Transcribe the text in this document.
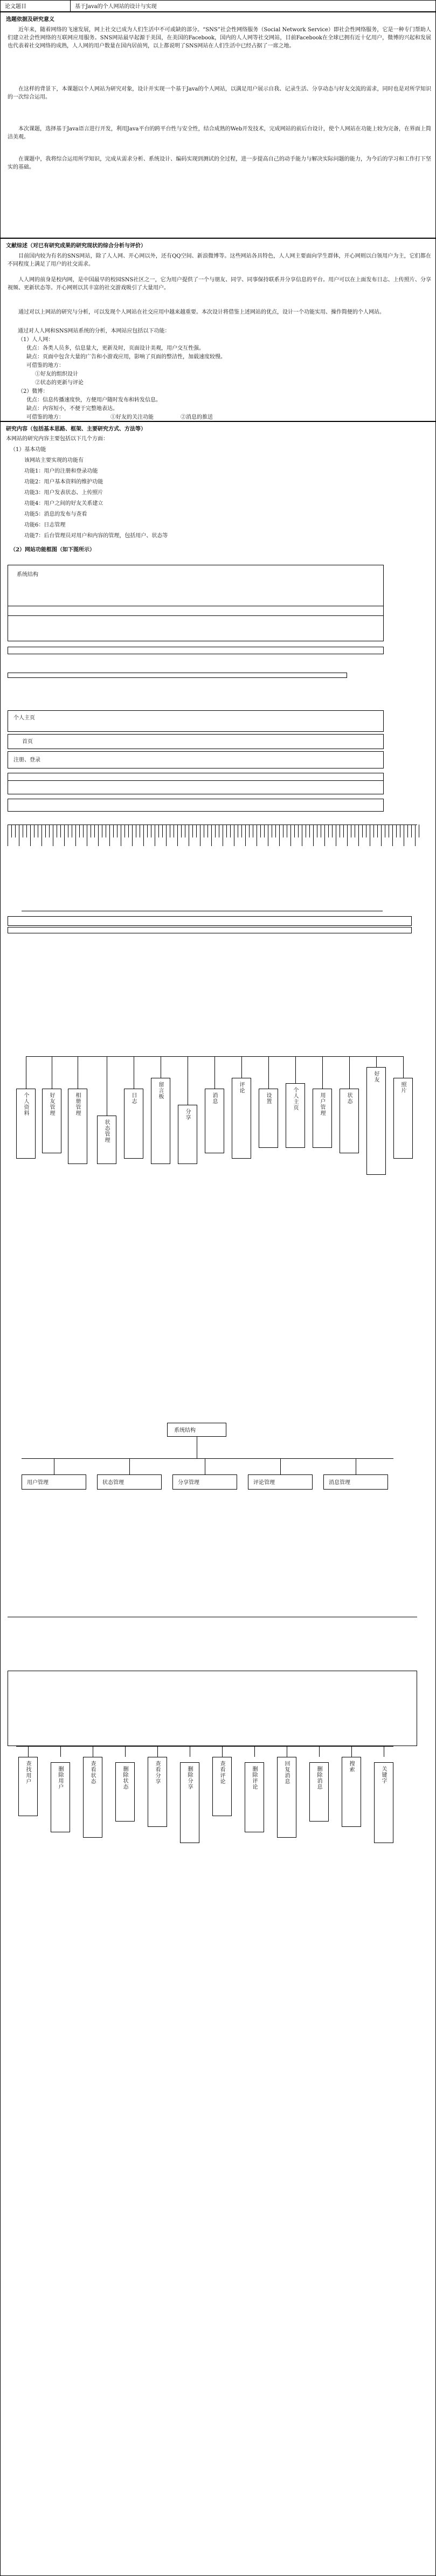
论文题目	基于Java的个人网站的设计与实现
选题依据及研究意义
近年来，随着网络的飞速发展，网上社交已成为人们生活中不可或缺的部分。“SNS”社会性网络服务（Social Network Service）即社会性网络服务，它是一种专门帮助人们建立社会性网络的互联网应用服务。SNS网站最早起源于美国，在美国的Facebook，国内的人人网等社交网站，目前Facebook在全球已拥有近十亿用户，微博的兴起和发展也代表着社交网络的成熟，人人网的用户数量在国内居前列，以上都说明了SNS网站在人们生活中已经占据了一席之地。
在这样的背景下，本课题以个人网站为研究对象，设计并实现一个基于Java的个人网站，以满足用户展示自我、记录生活、分享动态与好友交流的需求，同时也是对所学知识的一次综合运用。
本次课题，选择基于Java语言进行开发，利用Java平台的跨平台性与安全性，结合成熟的Web开发技术，完成网站的前后台设计，使个人网站在功能上较为完备，在界面上简洁美观。
在课题中，我将综合运用所学知识，完成从需求分析、系统设计、编码实现到测试的全过程，进一步提高自己的动手能力与解决实际问题的能力，为今后的学习和工作打下坚实的基础。
文献综述（对已有研究成果的研究现状的综合分析与评价）
目前国内较为有名的SNS网站，除了人人网、开心网以外，还有QQ空间、新浪微博等。这些网站各具特色，人人网主要面向学生群体，开心网则以白领用户为主，它们都在不同程度上满足了用户的社交需求。
人人网的前身是校内网，是中国最早的校园SNS社区之一，它为用户提供了一个与朋友、同学、同事保持联系并分享信息的平台。用户可以在上面发布日志、上传照片、分享视频、更新状态等。开心网则以其丰富的社交游戏吸引了大量用户。
通过对以上网站的研究与分析，可以发现个人网站在社交应用中越来越重要。本次设计将借鉴上述网站的优点，设计一个功能实用、操作简便的个人网站。
通过对人人网和SNS网站系统的分析，本网站应包括以下功能：
（1）人人网：
优点：各类人员多，信息量大，更新及时，页面设计美观，用户交互性强。
缺点：页面中包含大量的广告和小游戏应用，影响了页面的整洁性，加载速度较慢。
可借鉴的地方：
①好友的组织设计
②状态的更新与评论
（2）微博：
优点：信息传播速度快，方便用户随时发布和转发信息。
缺点：内容短小，不便于完整地表达。
可借鉴的地方：	①好友的关注功能	②消息的推送
研究内容（包括基本思路、框架、主要研究方式、方法等）
本网站的研究内容主要包括以下几个方面：
（1）基本功能
该网站主要实现的功能有
功能1：用户的注册和登录功能
功能2：用户基本资料的维护功能
功能3：用户发表状态、上传照片
功能4：用户之间的好友关系建立
功能5：消息的发布与查看
功能6：日志管理
功能7：后台管理员对用户和内容的管理，包括用户、状态等
（2）网站功能框图（如下图所示）
系统结构
个人主页
首页
注册、登录
个人资料	好友管理	相册管理
状态管理
日志	留言板
分享
消息
评论
设置	个人主页	用户管理	状态
好友
照片
系统结构
用户管理	状态管理	分享管理	评论管理	消息管理
查找用户	删除用户	查看状态	删除状态	查看分享	删除分享	查看评论	删除评论	回复消息	删除消息	搜索	关键字
